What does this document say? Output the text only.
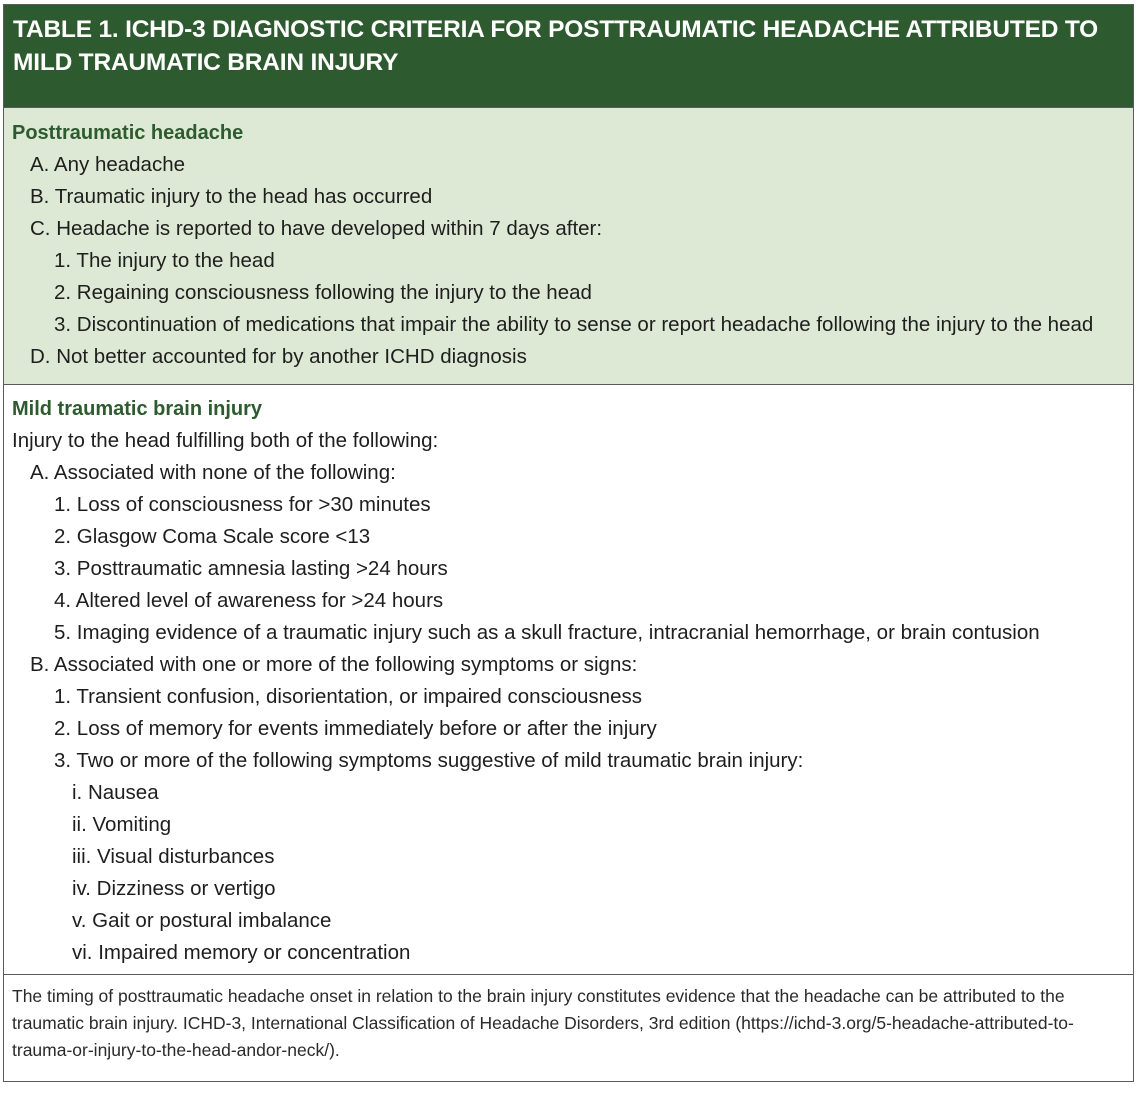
TABLE 1. ICHD-3 DIAGNOSTIC CRITERIA FOR POSTTRAUMATIC HEADACHE ATTRIBUTED TO MILD TRAUMATIC BRAIN INJURY
Posttraumatic headache
A. Any headache
B. Traumatic injury to the head has occurred
C. Headache is reported to have developed within 7 days after:
1. The injury to the head
2. Regaining consciousness following the injury to the head
3. Discontinuation of medications that impair the ability to sense or report headache following the injury to the head
D. Not better accounted for by another ICHD diagnosis
Mild traumatic brain injury
Injury to the head fulfilling both of the following:
A. Associated with none of the following:
1. Loss of consciousness for >30 minutes
2. Glasgow Coma Scale score <13
3. Posttraumatic amnesia lasting >24 hours
4. Altered level of awareness for >24 hours
5. Imaging evidence of a traumatic injury such as a skull fracture, intracranial hemorrhage, or brain contusion
B. Associated with one or more of the following symptoms or signs:
1. Transient confusion, disorientation, or impaired consciousness
2. Loss of memory for events immediately before or after the injury
3. Two or more of the following symptoms suggestive of mild traumatic brain injury:
i. Nausea
ii. Vomiting
iii. Visual disturbances
iv. Dizziness or vertigo
v. Gait or postural imbalance
vi. Impaired memory or concentration
The timing of posttraumatic headache onset in relation to the brain injury constitutes evidence that the headache can be attributed to the traumatic brain injury. ICHD-3, International Classification of Headache Disorders, 3rd edition (https://ichd-3.org/5-headache-attributed-to-trauma-or-injury-to-the-head-andor-neck/).
